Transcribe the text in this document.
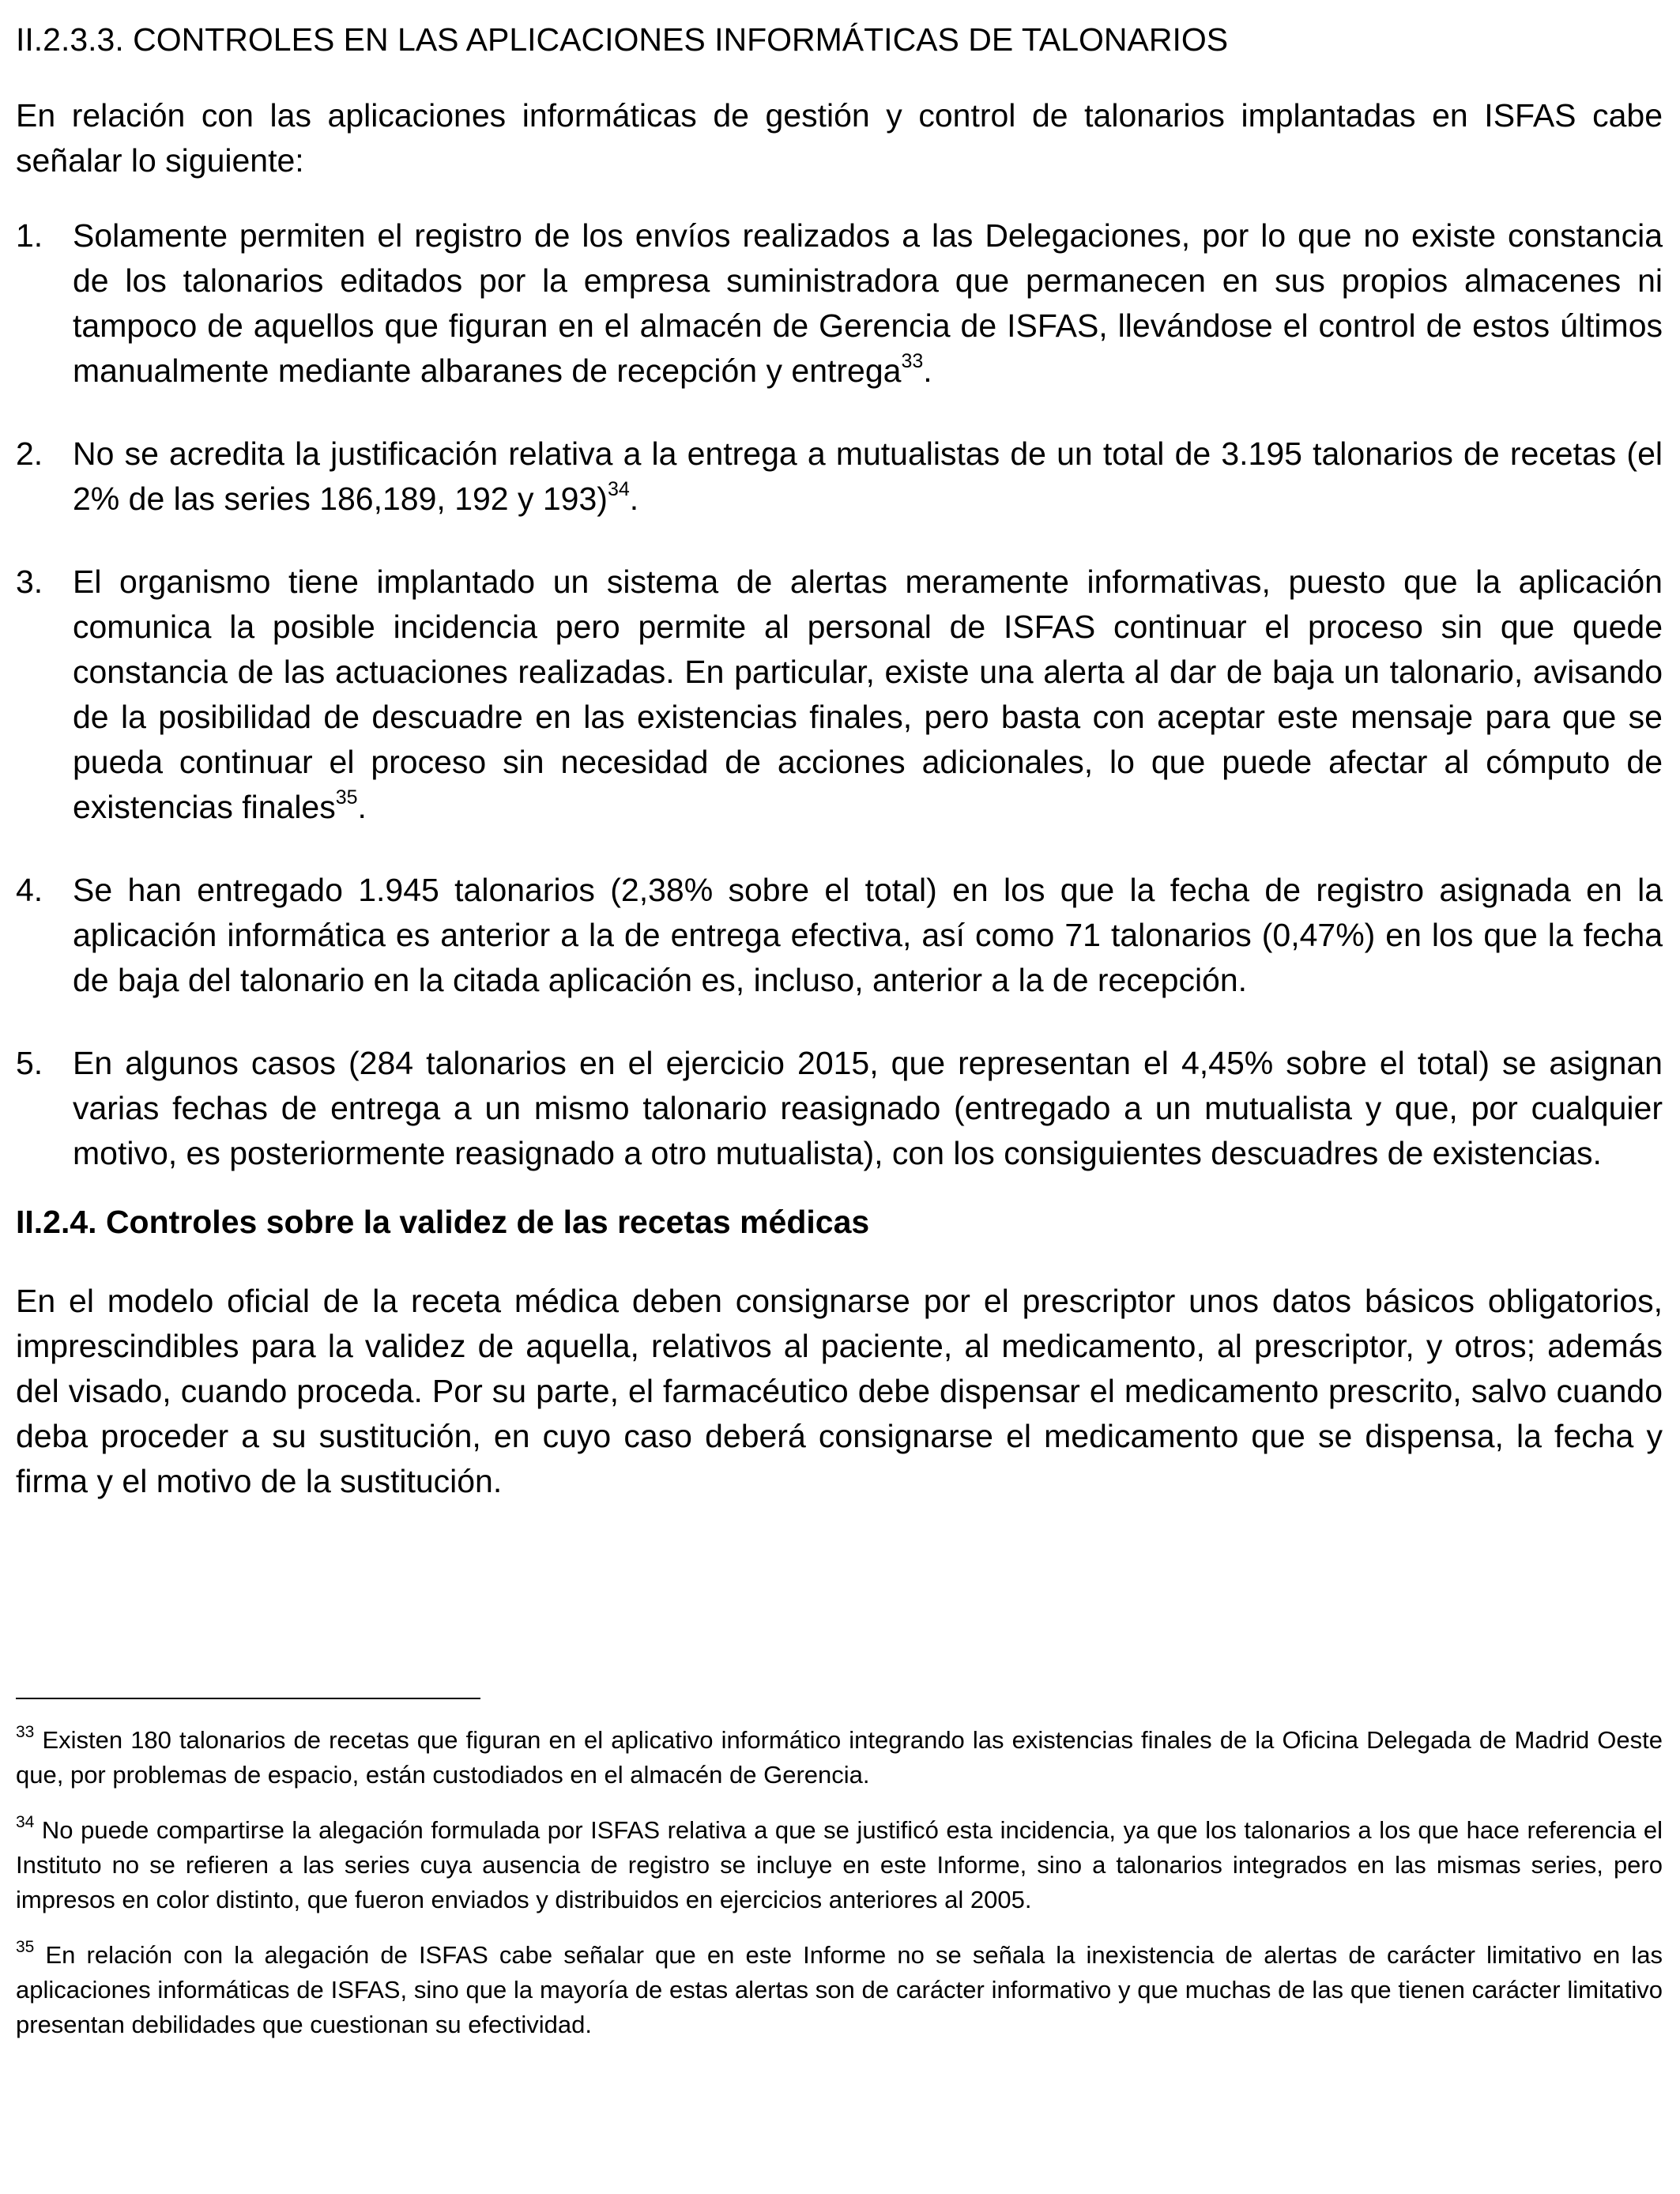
II.2.3.3. CONTROLES EN LAS APLICACIONES INFORMÁTICAS DE TALONARIOS

En relación con las aplicaciones informáticas de gestión y control de talonarios implantadas en ISFAS cabe señalar lo siguiente:

1. Solamente permiten el registro de los envíos realizados a las Delegaciones, por lo que no existe constancia de los talonarios editados por la empresa suministradora que permanecen en sus propios almacenes ni tampoco de aquellos que figuran en el almacén de Gerencia de ISFAS, llevándose el control de estos últimos manualmente mediante albaranes de recepción y entrega$^{33}$.
2. No se acredita la justificación relativa a la entrega a mutualistas de un total de 3.195 talonarios de recetas (el 2% de las series 186,189, 192 y 193)$^{34}$.
3. El organismo tiene implantado un sistema de alertas meramente informativas, puesto que la aplicación comunica la posible incidencia pero permite al personal de ISFAS continuar el proceso sin que quede constancia de las actuaciones realizadas. En particular, existe una alerta al dar de baja un talonario, avisando de la posibilidad de descuadre en las existencias finales, pero basta con aceptar este mensaje para que se pueda continuar el proceso sin necesidad de acciones adicionales, lo que puede afectar al cómputo de existencias finales$^{35}$.
4. Se han entregado 1.945 talonarios (2,38% sobre el total) en los que la fecha de registro asignada en la aplicación informática es anterior a la de entrega efectiva, así como 71 talonarios (0,47%) en los que la fecha de baja del talonario en la citada aplicación es, incluso, anterior a la de recepción.
5. En algunos casos (284 talonarios en el ejercicio 2015, que representan el 4,45% sobre el total) se asignan varias fechas de entrega a un mismo talonario reasignado (entregado a un mutualista y que, por cualquier motivo, es posteriormente reasignado a otro mutualista), con los consiguientes descuadres de existencias.
II.2.4. Controles sobre la validez de las recetas médicas

En el modelo oficial de la receta médica deben consignarse por el prescriptor unos datos básicos obligatorios, imprescindibles para la validez de aquella, relativos al paciente, al medicamento, al prescriptor, y otros; además del visado, cuando proceda. Por su parte, el farmacéutico debe dispensar el medicamento prescrito, salvo cuando deba proceder a su sustitución, en cuyo caso deberá consignarse el medicamento que se dispensa, la fecha y firma y el motivo de la sustitución.

$^{33}$ Existen 180 talonarios de recetas que figuran en el aplicativo informático integrando las existencias finales de la Oficina Delegada de Madrid Oeste que, por problemas de espacio, están custodiados en el almacén de Gerencia.

$^{34}$ No puede compartirse la alegación formulada por ISFAS relativa a que se justificó esta incidencia, ya que los talonarios a los que hace referencia el Instituto no se refieren a las series cuya ausencia de registro se incluye en este Informe, sino a talonarios integrados en las mismas series, pero impresos en color distinto, que fueron enviados y distribuidos en ejercicios anteriores al 2005.

$^{35}$ En relación con la alegación de ISFAS cabe señalar que en este Informe no se señala la inexistencia de alertas de carácter limitativo en las aplicaciones informáticas de ISFAS, sino que la mayoría de estas alertas son de carácter informativo y que muchas de las que tienen carácter limitativo presentan debilidades que cuestionan su efectividad.
